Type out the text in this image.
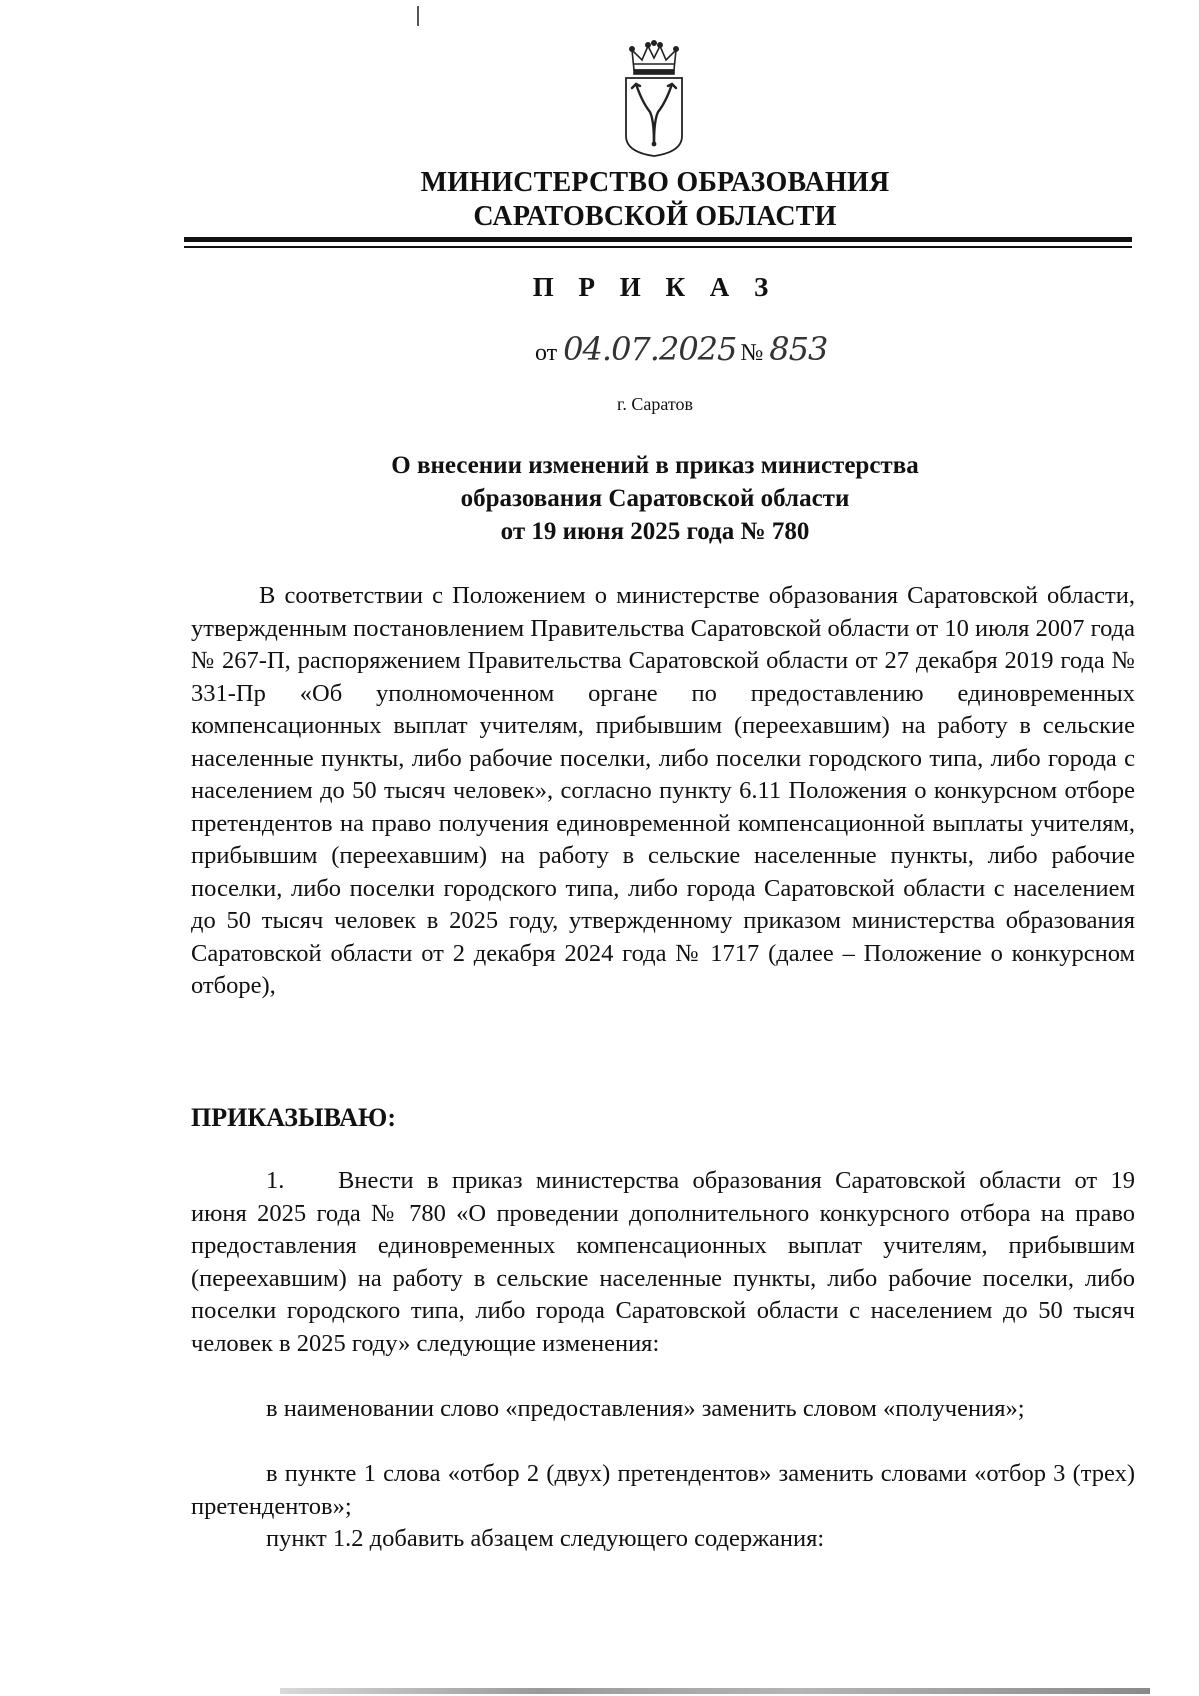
МИНИСТЕРСТВО ОБРАЗОВАНИЯ
САРАТОВСКОЙ ОБЛАСТИ
П Р И К А З
от 04.07.2025 № 853
г. Саратов
О внесении изменений в приказ министерства
образования Саратовской области
от 19 июня 2025 года № 780
В соответствии с Положением о министерстве образования Саратовской области, утвержденным постановлением Правительства Саратовской области от 10 июля 2007 года № 267-П, распоряжением Правительства Саратовской области от 27 декабря 2019 года № 331-Пр «Об уполномоченном органе по предоставлению единовременных компенсационных выплат учителям, прибывшим (переехавшим) на работу в сельские населенные пункты, либо рабочие поселки, либо поселки городского типа, либо города с населением до 50 тысяч человек», согласно пункту 6.11 Положения о конкурсном отборе претендентов на право получения единовременной компенсационной выплаты учителям, прибывшим (переехавшим) на работу в сельские населенные пункты, либо рабочие поселки, либо поселки городского типа, либо города Саратовской области с населением до 50 тысяч человек в 2025 году, утвержденному приказом министерства образования Саратовской области от 2 декабря 2024 года № 1717 (далее – Положение о конкурсном отборе),
ПРИКАЗЫВАЮ:
1. Внести в приказ министерства образования Саратовской области от 19 июня 2025 года № 780 «О проведении дополнительного конкурсного отбора на право предоставления единовременных компенсационных выплат учителям, прибывшим (переехавшим) на работу в сельские населенные пункты, либо рабочие поселки, либо поселки городского типа, либо города Саратовской области с населением до 50 тысяч человек в 2025 году» следующие изменения:
в наименовании слово «предоставления» заменить словом «получения»;
в пункте 1 слова «отбор 2 (двух) претендентов» заменить словами «отбор 3 (трех) претендентов»;
пункт 1.2 добавить абзацем следующего содержания:
